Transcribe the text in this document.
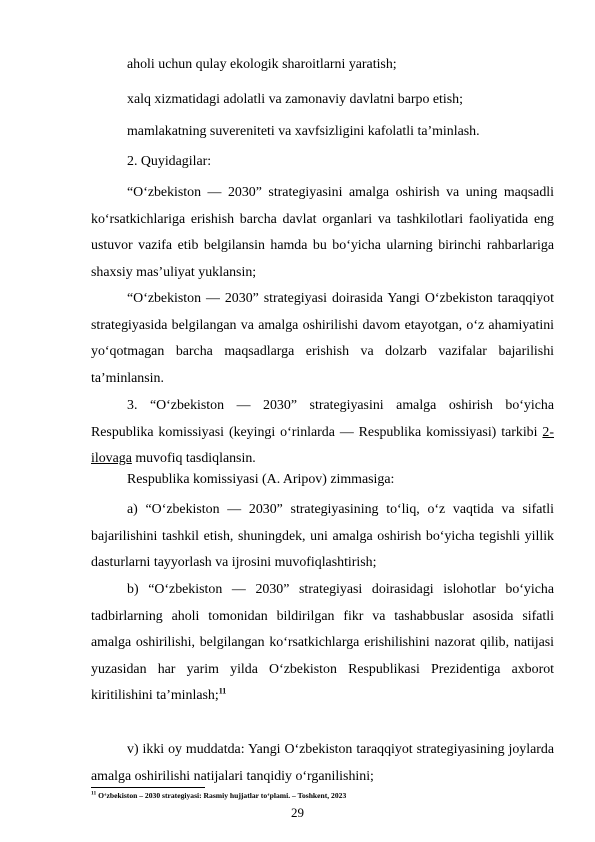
aholi uchun qulay ekologik sharoitlarni yaratish;

xalq xizmatidagi adolatli va zamonaviy davlatni barpo etish;

mamlakatning suvereniteti va xavfsizligini kafolatli ta’minlash.

2. Quyidagilar:

“O‘zbekiston — 2030” strategiyasini amalga oshirish va uning maqsadli ko‘rsatkichlariga erishish barcha davlat organlari va tashkilotlari faoliyatida eng ustuvor vazifa etib belgilansin hamda bu bo‘yicha ularning birinchi rahbarlariga shaxsiy mas’uliyat yuklansin;

“O‘zbekiston — 2030” strategiyasi doirasida Yangi O‘zbekiston taraqqiyot strategiyasida belgilangan va amalga oshirilishi davom etayotgan, o‘z ahamiyatini yo‘qotmagan barcha maqsadlarga erishish va dolzarb vazifalar bajarilishi ta’minlansin.

3. “O‘zbekiston — 2030” strategiyasini amalga oshirish bo‘yicha Respublika komissiyasi (keyingi o‘rinlarda — Respublika komissiyasi) tarkibi 2-ilovaga muvofiq tasdiqlansin.

Respublika komissiyasi (A. Aripov) zimmasiga:

a) “O‘zbekiston — 2030” strategiyasining to‘liq, o‘z vaqtida va sifatli bajarilishini tashkil etish, shuningdek, uni amalga oshirish bo‘yicha tegishli yillik dasturlarni tayyorlash va ijrosini muvofiqlashtirish;

b) “O‘zbekiston — 2030” strategiyasi doirasidagi islohotlar bo‘yicha tadbirlarning aholi tomonidan bildirilgan fikr va tashabbuslar asosida sifatli amalga oshirilishi, belgilangan ko‘rsatkichlarga erishilishini nazorat qilib, natijasi yuzasidan har yarim yilda O‘zbekiston Respublikasi Prezidentiga axborot kiritilishini ta’minlash;$^{11}$

v) ikki oy muddatda: Yangi O‘zbekiston taraqqiyot strategiyasining joylarda amalga oshirilishi natijalari tanqidiy o‘rganilishini;

$^{11}$ O‘zbekiston – 2030 strategiyasi: Rasmiy hujjatlar to‘plami. – Toshkent, 2023
29
